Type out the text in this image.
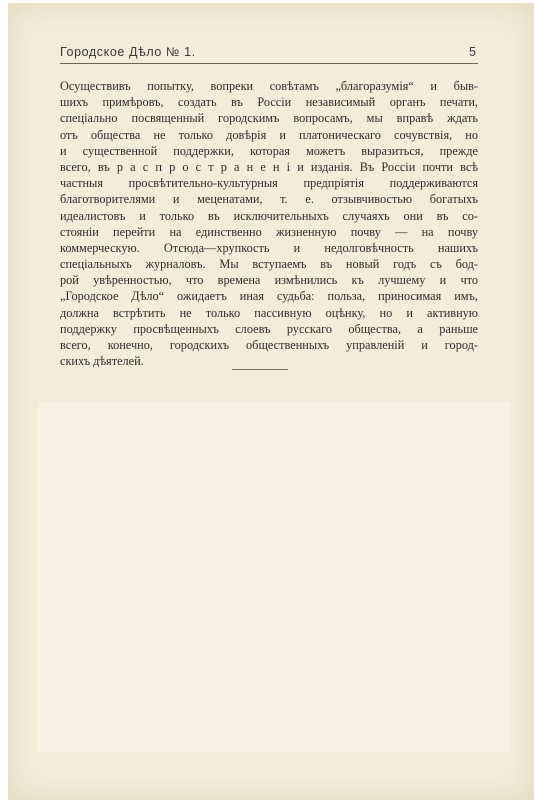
Городское Дѣло № 1.	5
Осуществивъ попытку, вопреки совѣтамъ „благоразумія“ и быв-
шихъ примѣровъ, создать въ Россіи независимый органъ печати,
спеціально посвященный городскимъ вопросамъ, мы вправѣ ждать
отъ общества не только довѣрія и платоническаго сочувствія, но
и существенной поддержки, которая можетъ выразиться, прежде
всего, въ р а с п р о с т р а н е н і и изданія. Въ Россіи почти всѣ
частныя просвѣтительно-культурныя предпріятія поддерживаются
благотворителями и меценатами, т. е. отзывчивостью богатыхъ
идеалистовъ и только въ исключительныхъ случаяхъ они въ со-
стояніи перейти на единственно жизненную почву — на почву
коммерческую. Отсюда—хрупкость и недолговѣчность нашихъ
спеціальныхъ журналовъ. Мы вступаемъ въ новый годъ съ бод-
рой увѣренностью, что времена измѣнились къ лучшему и что
„Городское Дѣло“ ожидаетъ иная судьба: польза, приносимая имъ,
должна встрѣтить не только пассивную оцѣнку, но и активную
поддержку просвѣщенныхъ слоевъ русскаго общества, а раньше
всего, конечно, городскихъ общественныхъ управленій и город-
скихъ дѣятелей.
